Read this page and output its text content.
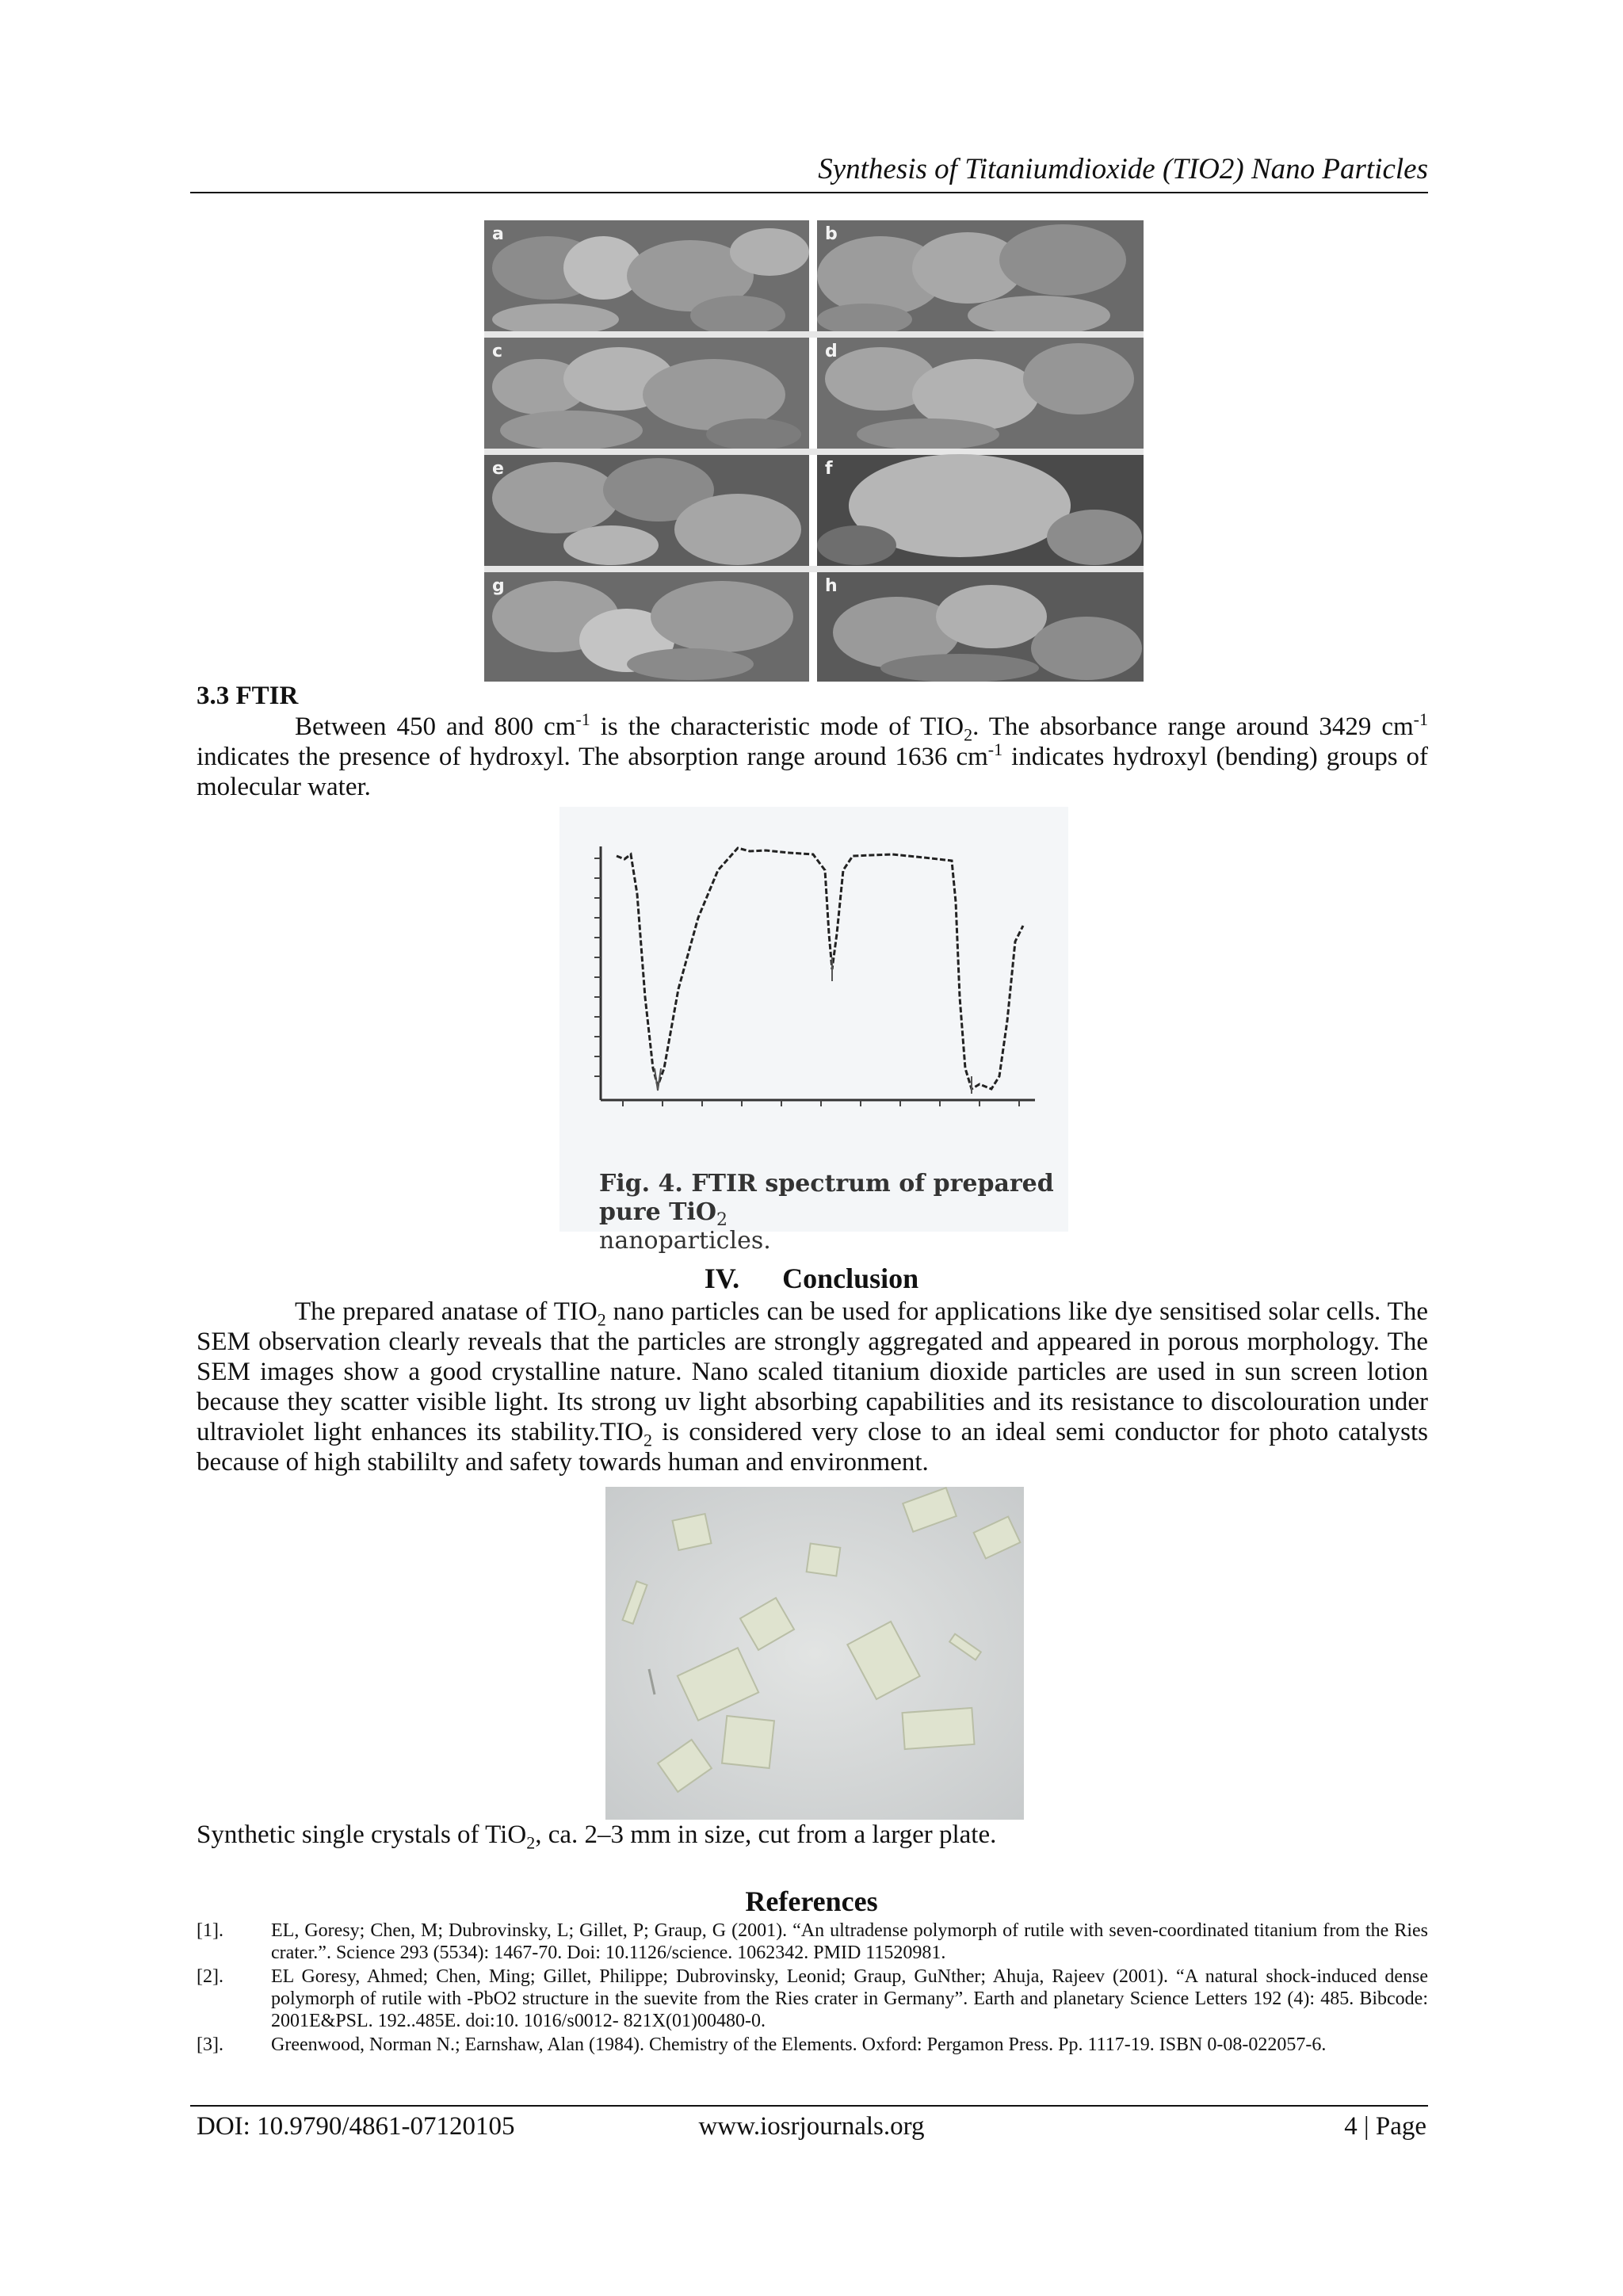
Synthesis of Titaniumdioxide (TIO2) Nano Particles
a	b
c	d
e	f
g	h
3.3 FTIR
Between 450 and 800 $cm^{-1}$ is the characteristic mode of $TIO_2$. The absorbance range around 3429 $cm^{-1}$ indicates the presence of hydroxyl. The absorption range around 1636 $cm^{-1}$ indicates hydroxyl (bending) groups of molecular water.
Fig. 4. FTIR spectrum of prepared pure TiO$_2$
nanoparticles.
IV.      Conclusion
The prepared anatase of $TIO_2$ nano particles can be used for applications like dye sensitised solar cells. The SEM observation clearly reveals that the particles are strongly aggregated and appeared in porous morphology. The SEM images show a good crystalline nature. Nano scaled titanium dioxide particles are used in sun screen lotion because they scatter visible light. Its strong uv light absorbing capabilities and its resistance to discolouration under ultraviolet light enhances its $stability.TIO_2$ is considered very close to an ideal semi conductor for photo catalysts because of high stabililty and safety towards human and environment.
Synthetic single crystals of TiO$_2$, ca. 2–3 mm in size, cut from a larger plate.
References
[1].	EL, Goresy; Chen, M; Dubrovinsky, L; Gillet, P; Graup, G (2001). “An ultradense polymorph of rutile with seven-coordinated titanium from the Ries crater.”. Science 293 (5534): 1467-70. Doi: 10.1126/science. 1062342. PMID 11520981.
[2].	EL Goresy, Ahmed; Chen, Ming; Gillet, Philippe; Dubrovinsky, Leonid; Graup, GuNther; Ahuja, Rajeev (2001). “A natural shock-induced dense polymorph of rutile with -PbO2 structure in the suevite from the Ries crater in Germany”. Earth and planetary Science Letters 192 (4): 485. Bibcode: 2001E&PSL. 192..485E. doi:10. 1016/s0012- 821X(01)00480-0.
[3].	Greenwood, Norman N.; Earnshaw, Alan (1984). Chemistry of the Elements. Oxford: Pergamon Press. Pp. 1117-19. ISBN 0-08-022057-6.
DOI: 10.9790/4861-07120105	www.iosrjournals.org	4 | Page
